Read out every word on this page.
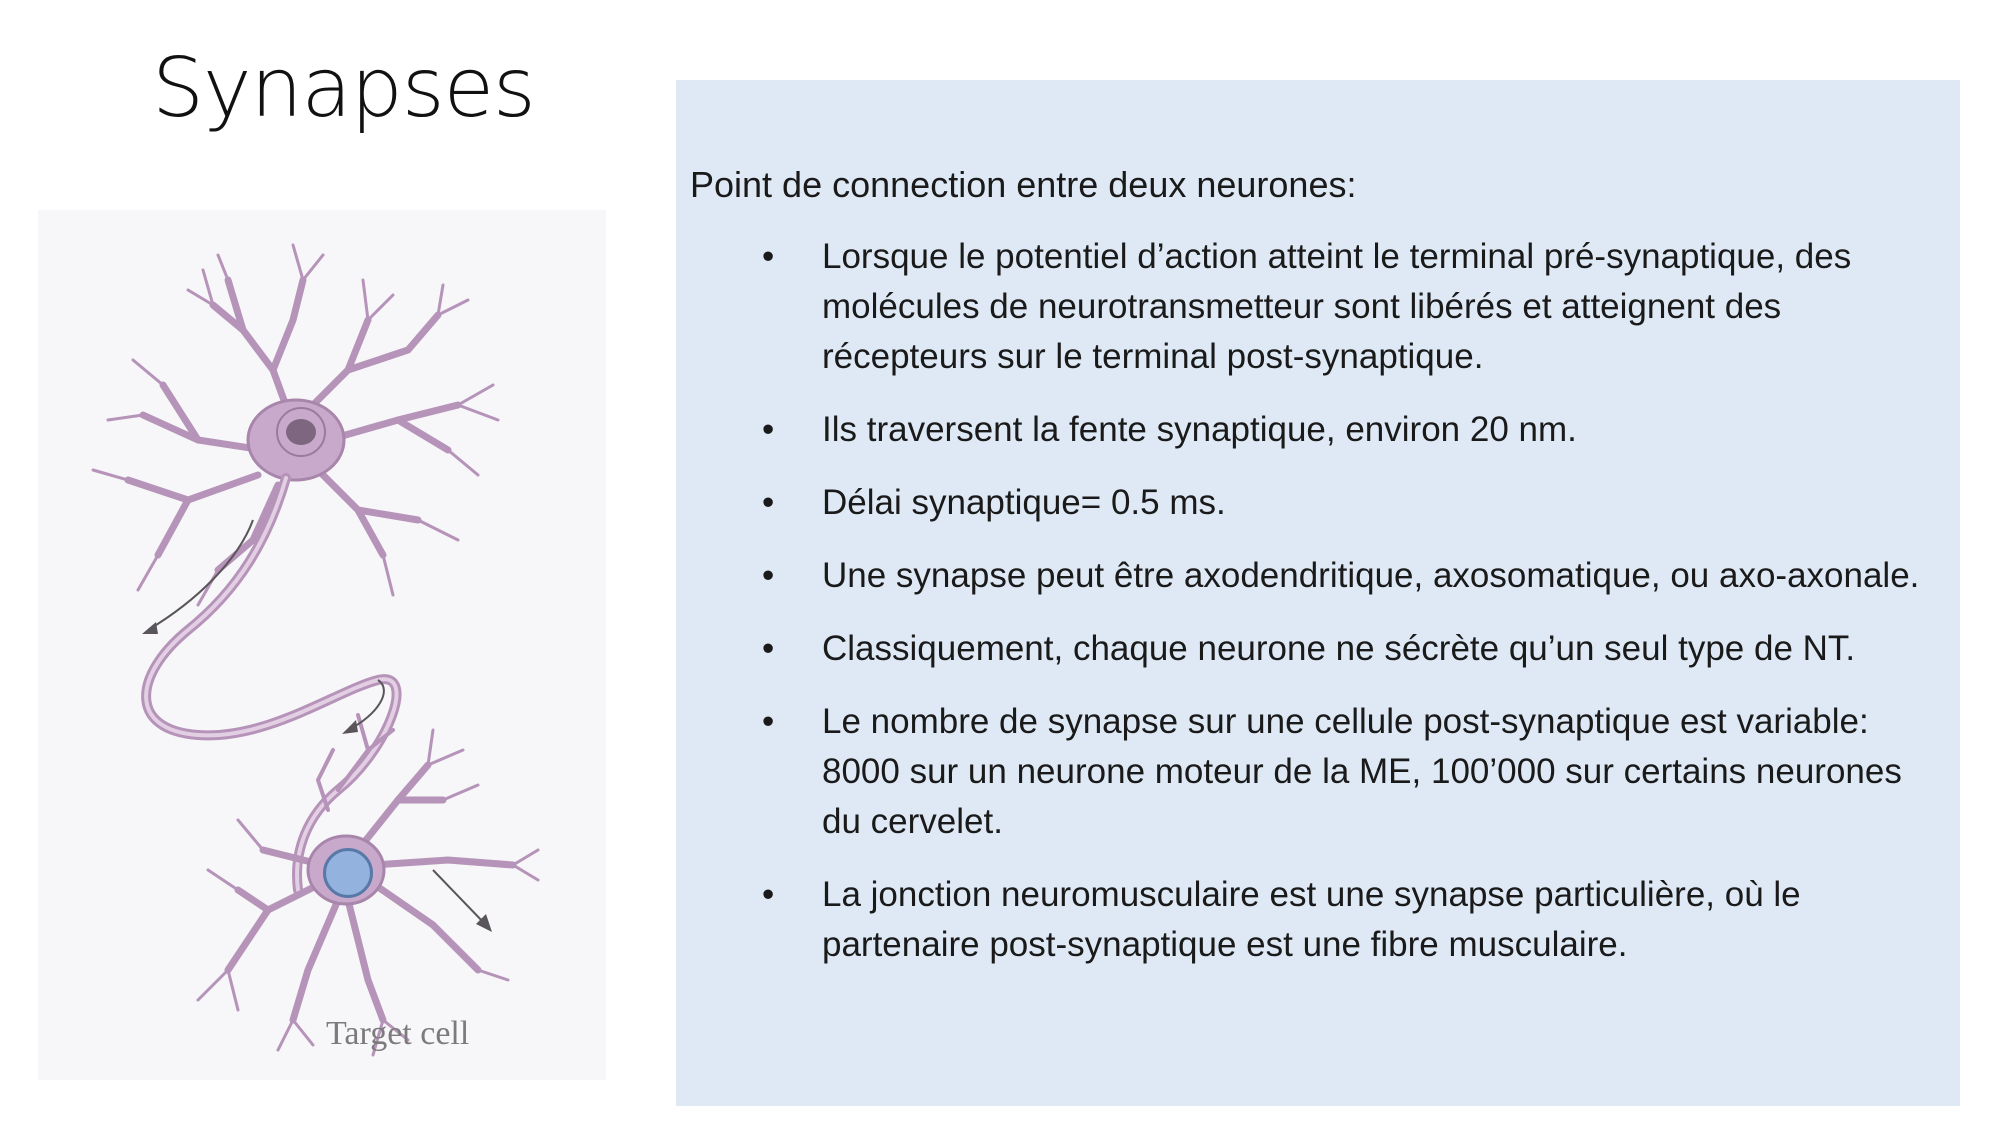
Synapses
Target cell

Point de connection entre deux neurones:

• Lorsque le potentiel d’action atteint le terminal pré-synaptique, des molécules de neurotransmetteur sont libérés et atteignent des récepteurs sur le terminal post-synaptique.
• Ils traversent la fente synaptique, environ 20 nm.
• Délai synaptique= 0.5 ms.
• Une synapse peut être axodendritique, axosomatique, ou axo-axonale.
• Classiquement, chaque neurone ne sécrète qu’un seul type de NT.
• Le nombre de synapse sur une cellule post-synaptique est variable: 8000 sur un neurone moteur de la ME, 100’000 sur certains neurones du cervelet.
• La jonction neuromusculaire est une synapse particulière, où le partenaire post-synaptique est une fibre musculaire.
